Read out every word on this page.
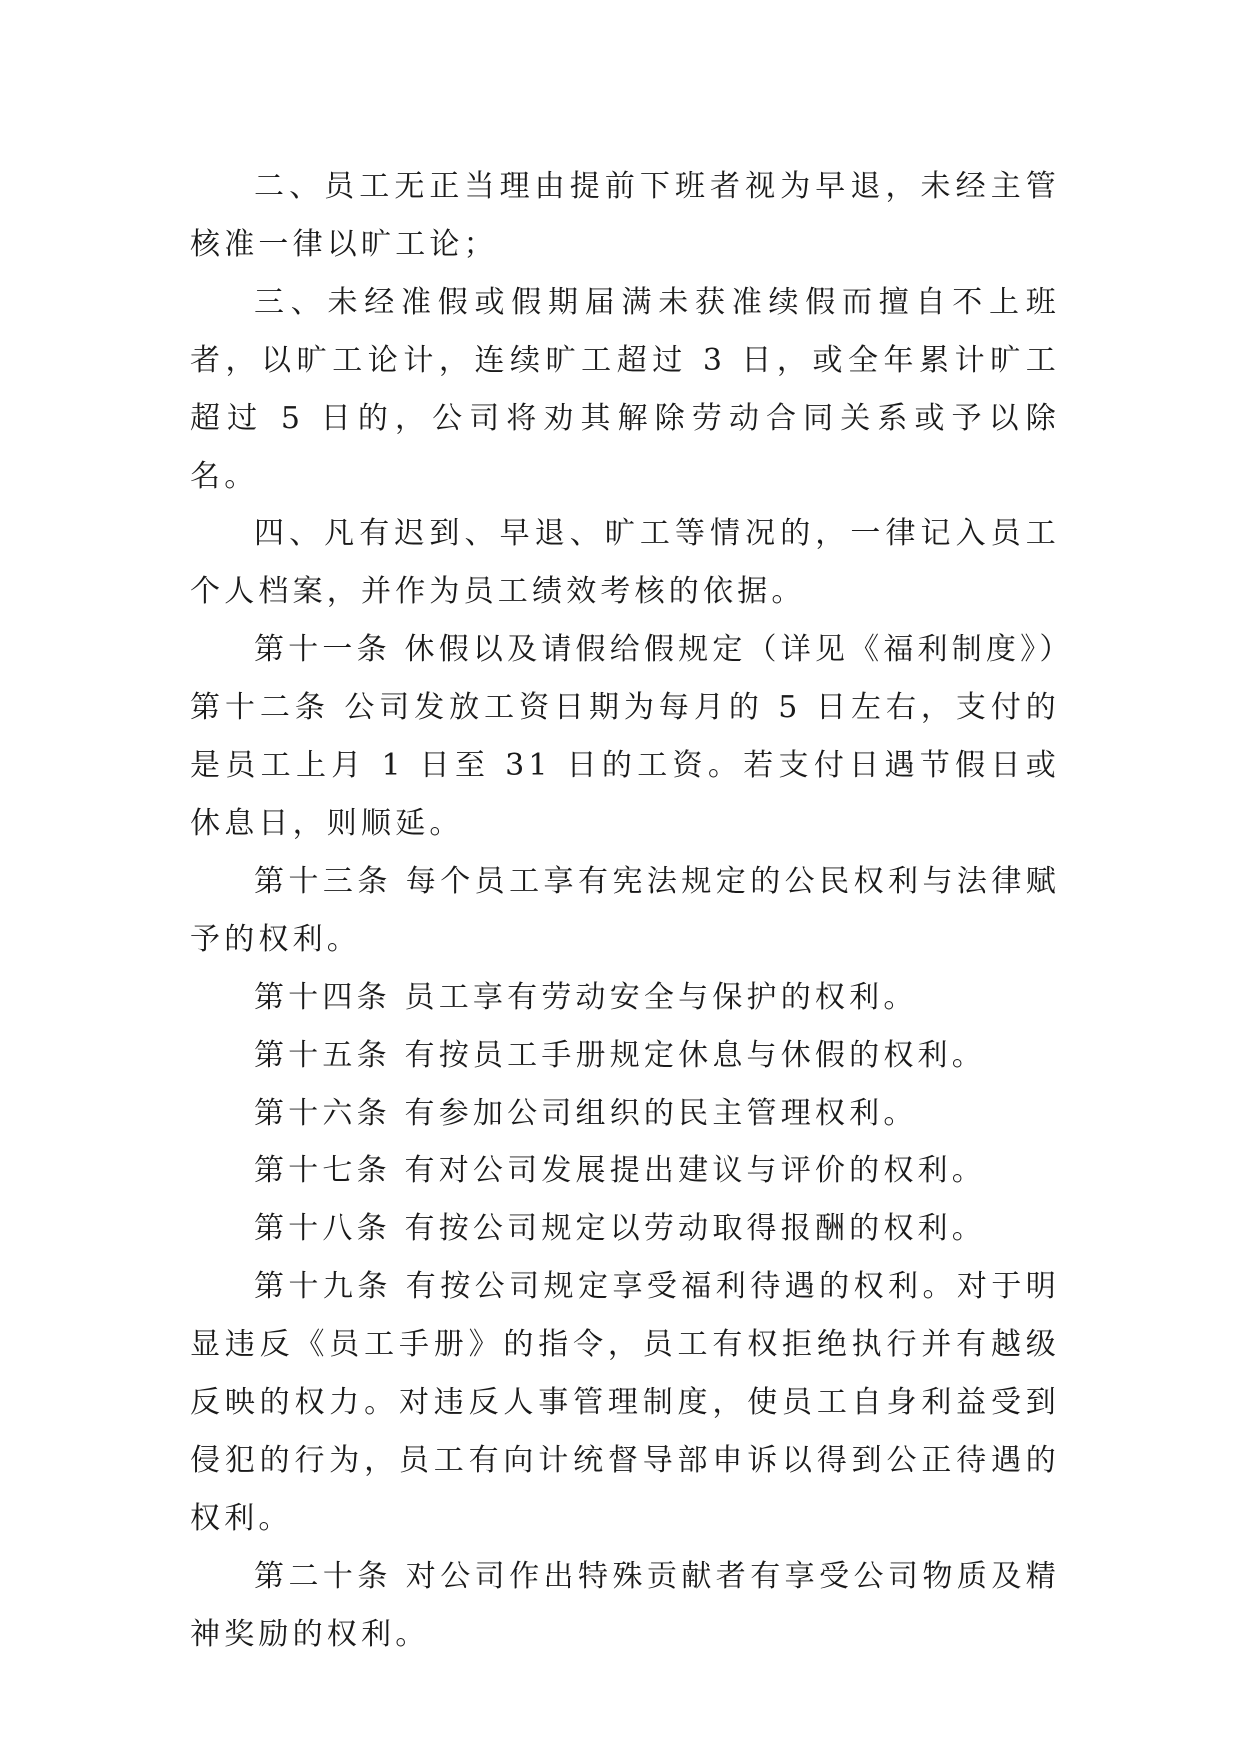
二、员工无正当理由提前下班者视为早退，未经主管核准一律以旷工论；

三、未经准假或假期届满未获准续假而擅自不上班者，以旷工论计，连续旷工超过 3 日，或全年累计旷工超过 5 日的，公司将劝其解除劳动合同关系或予以除名。

四、凡有迟到、早退、旷工等情况的，一律记入员工个人档案，并作为员工绩效考核的依据。

第十一条 休假以及请假给假规定（详见《福利制度》）

第十二条 公司发放工资日期为每月的 5 日左右，支付的是员工上月 1 日至 31 日的工资。若支付日遇节假日或休息日，则顺延。

第十三条 每个员工享有宪法规定的公民权利与法律赋予的权利。

第十四条 员工享有劳动安全与保护的权利。

第十五条 有按员工手册规定休息与休假的权利。

第十六条 有参加公司组织的民主管理权利。

第十七条 有对公司发展提出建议与评价的权利。

第十八条 有按公司规定以劳动取得报酬的权利。

第十九条 有按公司规定享受福利待遇的权利。对于明显违反《员工手册》的指令，员工有权拒绝执行并有越级反映的权力。对违反人事管理制度，使员工自身利益受到侵犯的行为，员工有向计统督导部申诉以得到公正待遇的权利。

第二十条 对公司作出特殊贡献者有享受公司物质及精神奖励的权利。
